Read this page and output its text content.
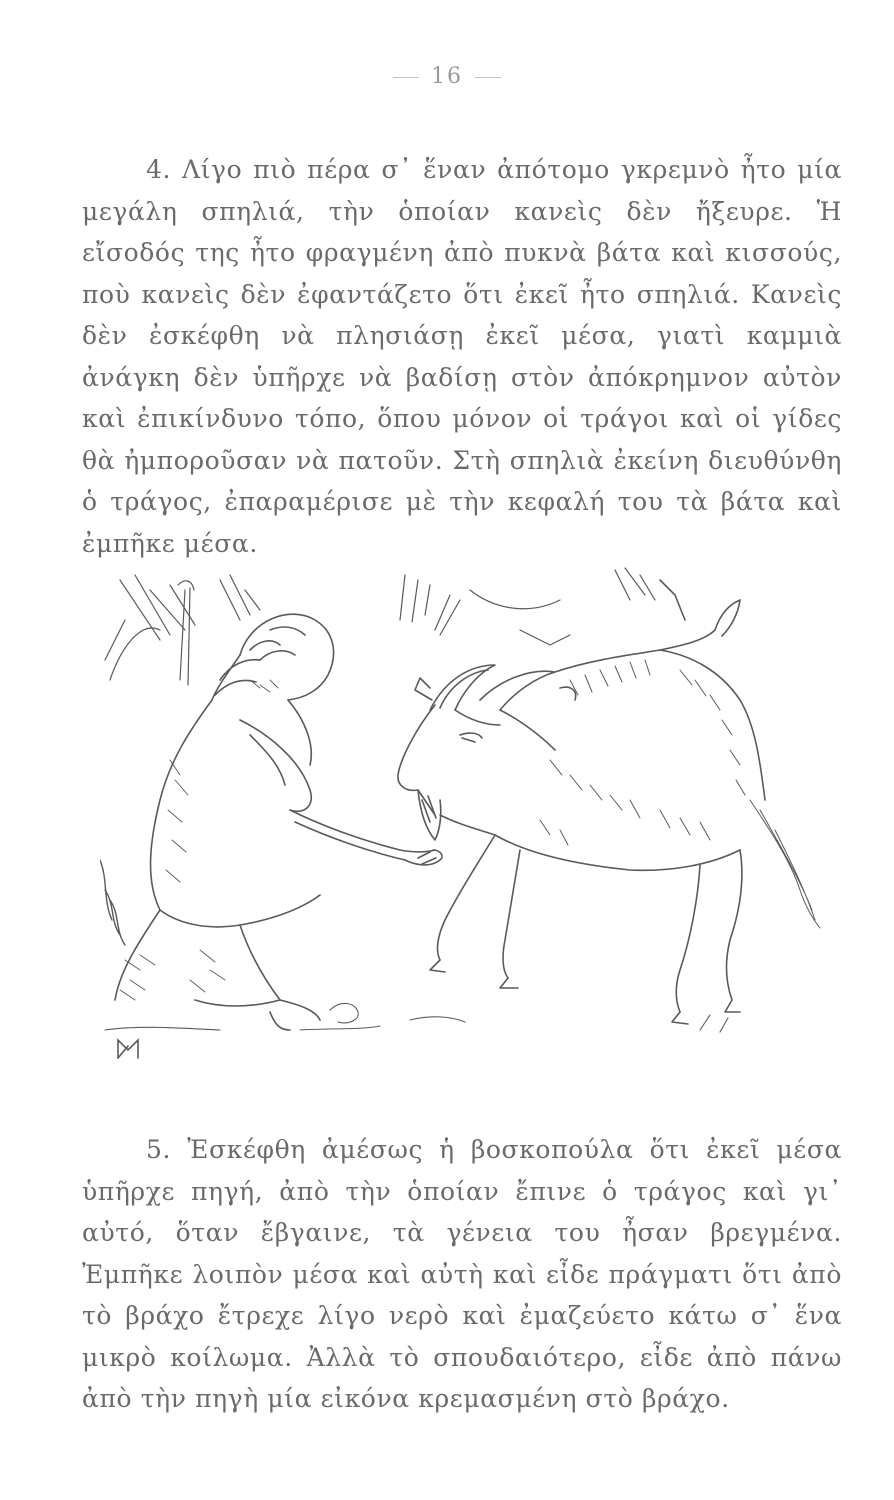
16

4. Λίγο πιὸ πέρα σ᾽ ἕναν ἀπότομο γκρεμνὸ ἦτο μία μεγάλη σπηλιά, τὴν ὁποίαν κανεὶς δὲν ἤξευρε. Ἡ εἴσοδός της ἦτο φραγμένη ἀπὸ πυκνὰ βάτα καὶ κισσούς, ποὺ κανεὶς δὲν ἐφαντάζετο ὅτι ἐκεῖ ἦτο σπηλιά. Κανεὶς δὲν ἐσκέφθη νὰ πλησιάσῃ ἐκεῖ μέσα, γιατὶ καμμιὰ ἀνάγκη δὲν ὑπῆρχε νὰ βαδίσῃ στὸν ἀπόκρημνον αὐτὸν καὶ ἐπικίνδυνο τόπο, ὅπου μόνον οἱ τράγοι καὶ οἱ γίδες θὰ ἠμποροῦσαν νὰ πατοῦν. Στὴ σπηλιὰ ἐκείνη διευθύνθη ὁ τράγος, ἐπαραμέρισε μὲ τὴν κεφαλή του τὰ βάτα καὶ ἐμπῆκε μέσα.

5. Ἐσκέφθη ἀμέσως ἡ βοσκοπούλα ὅτι ἐκεῖ μέσα ὑπῆρχε πηγή, ἀπὸ τὴν ὁποίαν ἔπινε ὁ τράγος καὶ γι᾽ αὐτό, ὅταν ἔβγαινε, τὰ γένεια του ἦσαν βρεγμένα. Ἐμπῆκε λοιπὸν μέσα καὶ αὐτὴ καὶ εἶδε πράγματι ὅτι ἀπὸ τὸ βράχο ἔτρεχε λίγο νερὸ καὶ ἐμαζεύετο κάτω σ᾽ ἕνα μικρὸ κοίλωμα. Ἀλλὰ τὸ σπουδαιότερο, εἶδε ἀπὸ πάνω ἀπὸ τὴν πηγὴ μία εἰκόνα κρεμασμένη στὸ βράχο.
